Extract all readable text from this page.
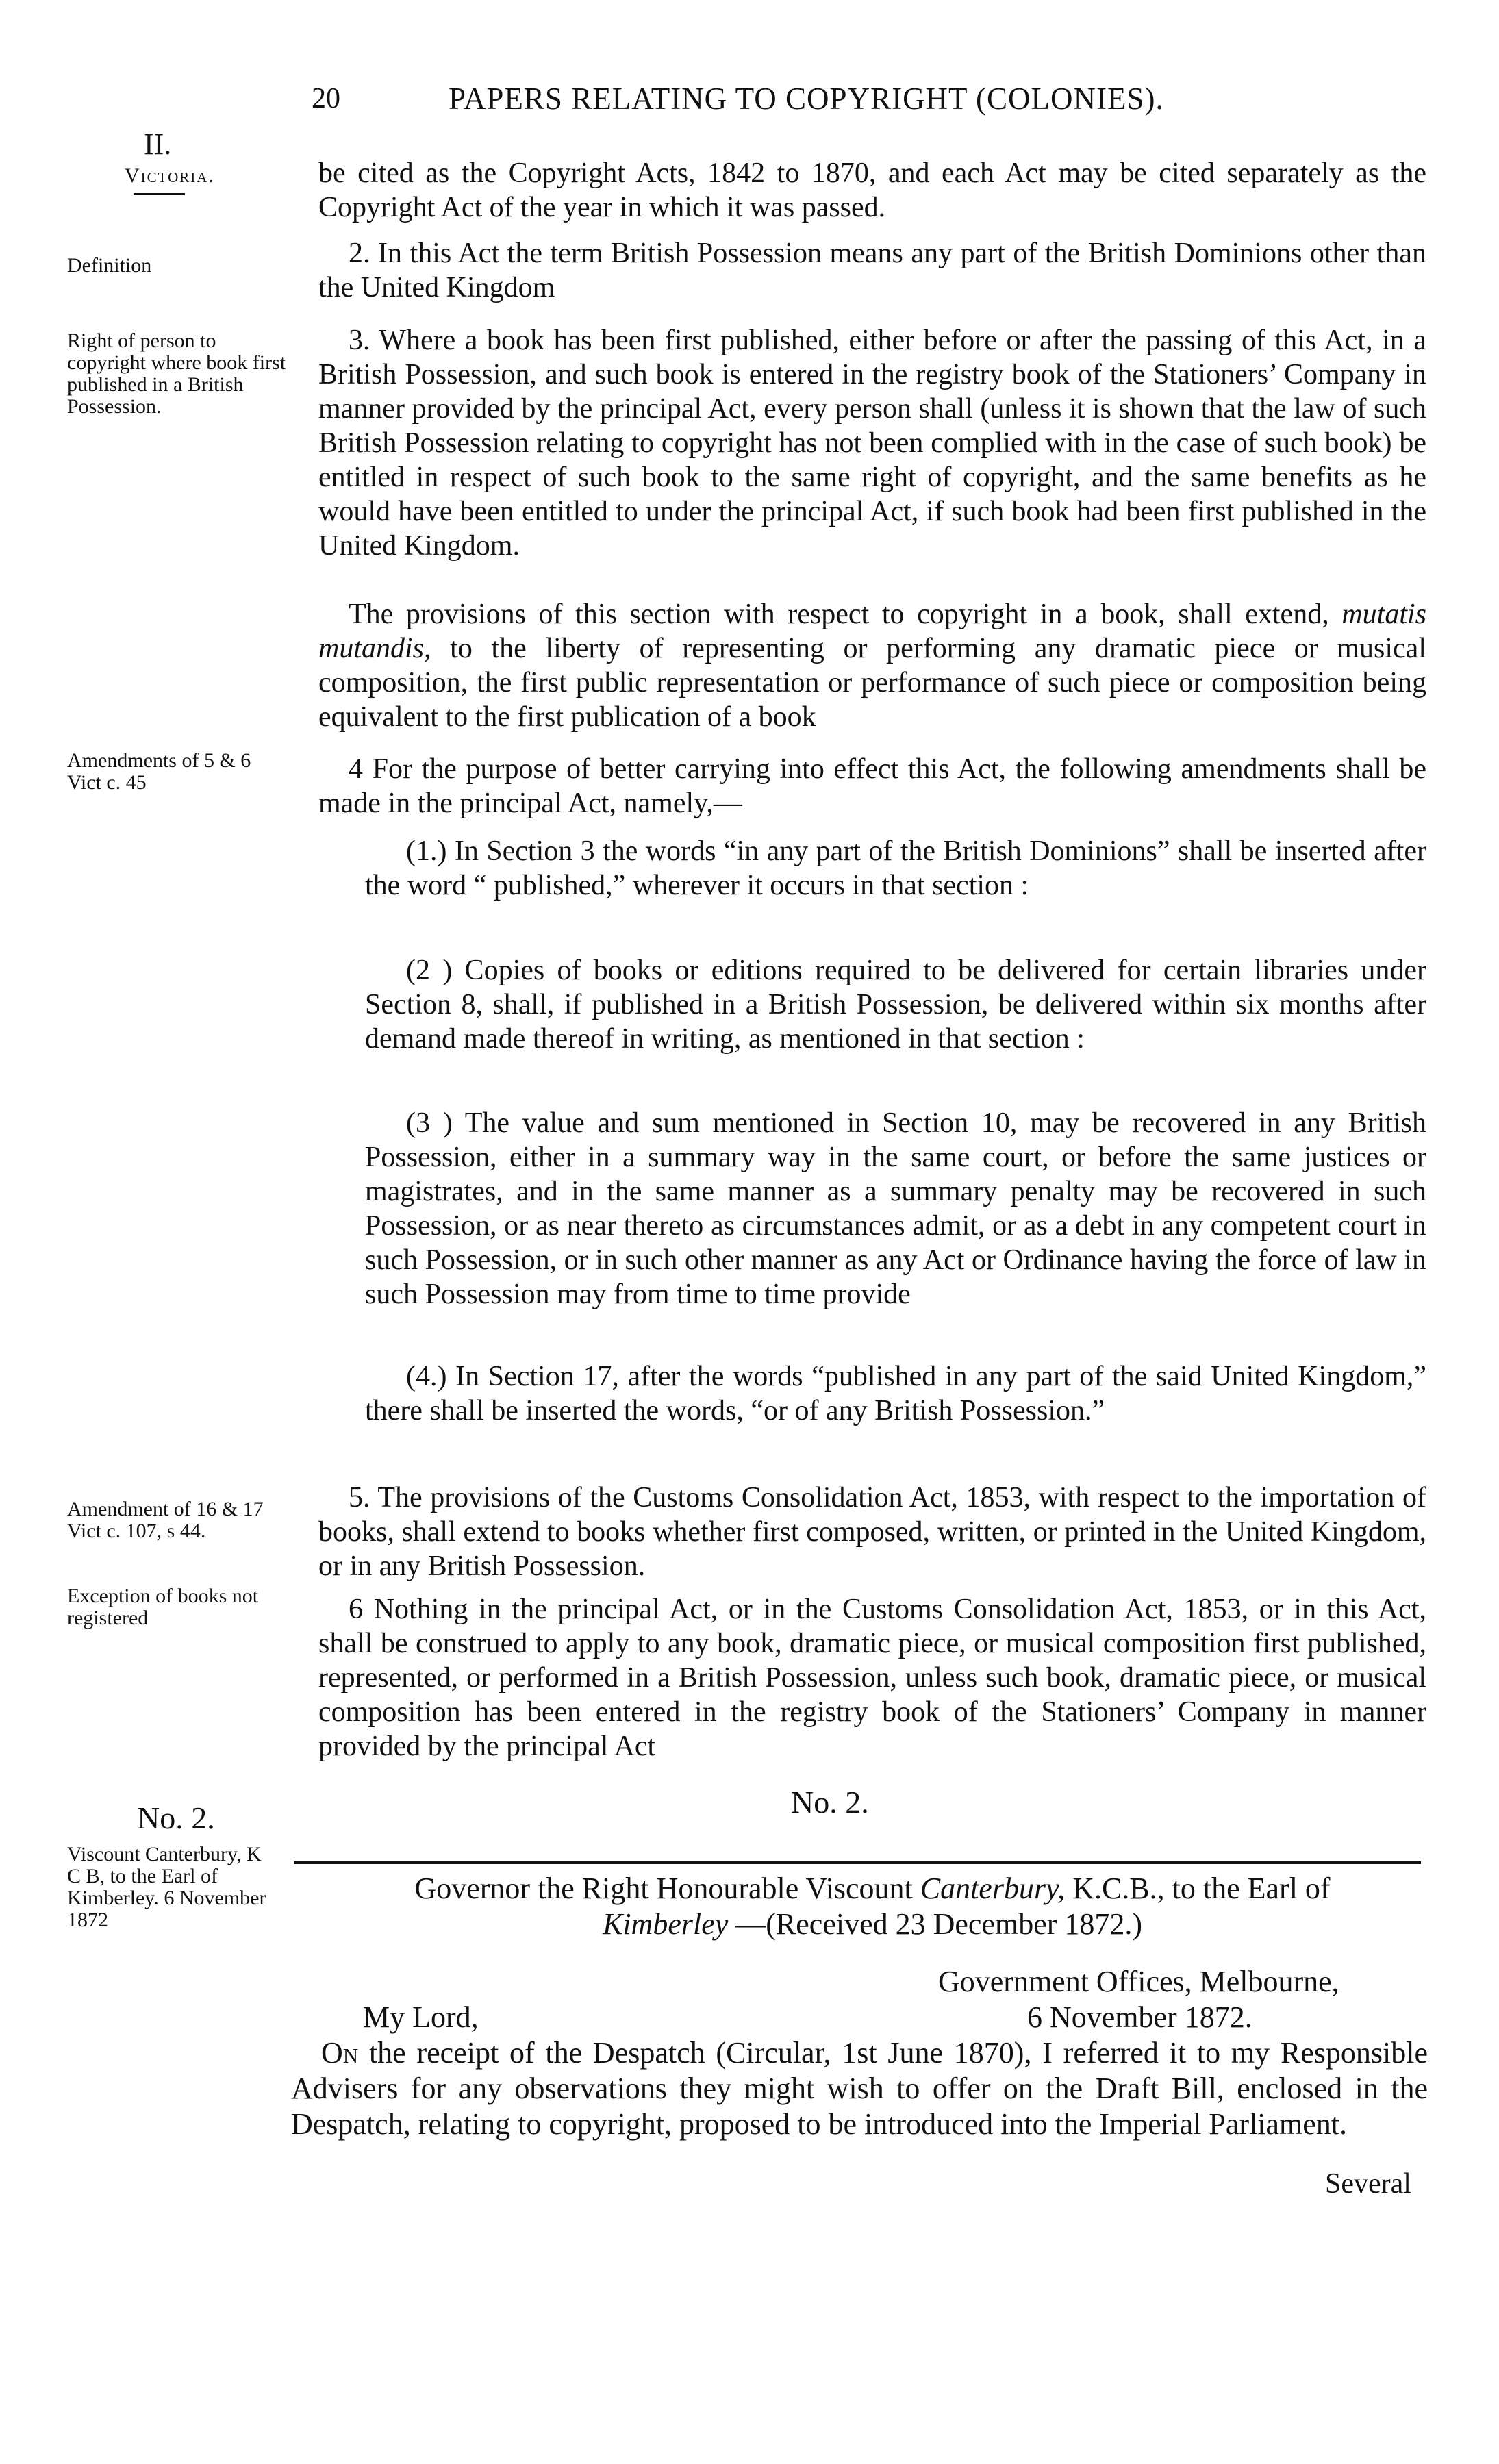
20	PAPERS RELATING TO COPYRIGHT (COLONIES).
II.
Victoria.
Definition
Right of person to copyright where book first published in a British Possession.
Amendments of 5 & 6 Vict c. 45
Amendment of 16 & 17 Vict c. 107, s 44.
Exception of books not registered

be cited as the Copyright Acts, 1842 to 1870, and each Act may be cited separately as the Copyright Act of the year in which it was passed.

2. In this Act the term British Possession means any part of the British Dominions other than the United Kingdom

3. Where a book has been first published, either before or after the passing of this Act, in a British Possession, and such book is entered in the registry book of the Stationers’ Company in manner provided by the principal Act, every person shall (unless it is shown that the law of such British Possession relating to copyright has not been complied with in the case of such book) be entitled in respect of such book to the same right of copyright, and the same benefits as he would have been entitled to under the principal Act, if such book had been first published in the United Kingdom.

The provisions of this section with respect to copyright in a book, shall extend, mutatis mutandis, to the liberty of representing or performing any dramatic piece or musical composition, the first public representation or performance of such piece or composition being equivalent to the first publication of a book

4 For the purpose of better carrying into effect this Act, the following amendments shall be made in the principal Act, namely,—

(1.) In Section 3 the words “in any part of the British Dominions” shall be inserted after the word “ published,” wherever it occurs in that section :

(2 ) Copies of books or editions required to be delivered for certain libraries under Section 8, shall, if published in a British Possession, be delivered within six months after demand made thereof in writing, as mentioned in that section :

(3 ) The value and sum mentioned in Section 10, may be recovered in any British Possession, either in a summary way in the same court, or before the same justices or magistrates, and in the same manner as a summary penalty may be recovered in such Possession, or as near thereto as circumstances admit, or as a debt in any competent court in such Possession, or in such other manner as any Act or Ordinance having the force of law in such Possession may from time to time provide

(4.) In Section 17, after the words “published in any part of the said United Kingdom,” there shall be inserted the words, “or of any British Possession.”

5. The provisions of the Customs Consolidation Act, 1853, with respect to the importation of books, shall extend to books whether first composed, written, or printed in the United Kingdom, or in any British Possession.

6 Nothing in the principal Act, or in the Customs Consolidation Act, 1853, or in this Act, shall be construed to apply to any book, dramatic piece, or musical composition first published, represented, or performed in a British Possession, unless such book, dramatic piece, or musical composition has been entered in the registry book of the Stationers’ Company in manner provided by the principal Act

No. 2.
No. 2.
Viscount Canterbury, K C B, to the Earl of Kimberley. 6 November 1872
Governor the Right Honourable Viscount Canterbury, K.C.B., to the Earl of
Kimberley —(Received 23 December 1872.)
Government Offices, Melbourne,
My Lord,	6 November 1872.
On the receipt of the Despatch (Circular, 1st June 1870), I referred it to my Responsible Advisers for any observations they might wish to offer on the Draft Bill, enclosed in the Despatch, relating to copyright, proposed to be introduced into the Imperial Parliament.
Several
